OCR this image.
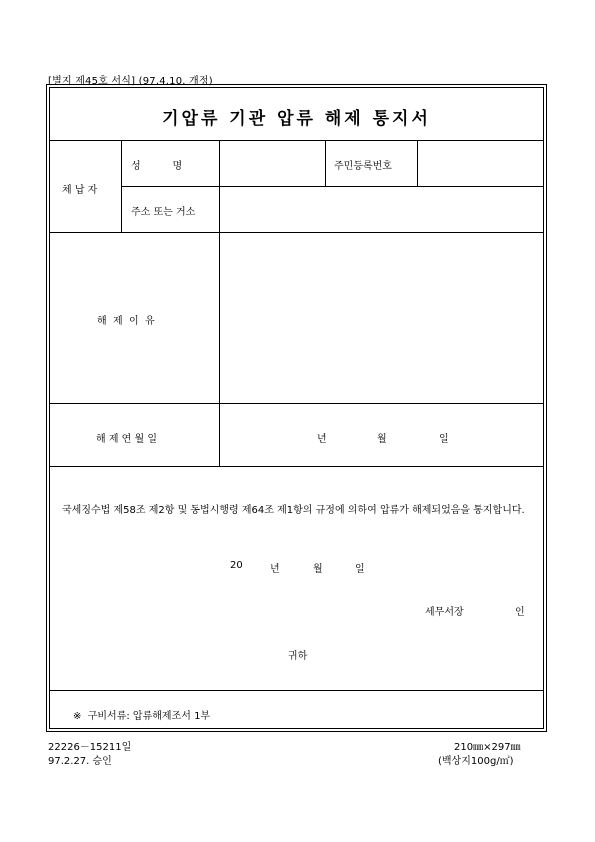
[별지 제45호 서식] (97.4.10. 개정)
기압류 기관 압류 해제 통지서
체 납 자
성          명	주민등록번호
주소 또는 거소
해  제  이  유
해 제 연 월 일	년	월	일
국세징수법 제58조 제2항 및 동법시행령 제64조 제1항의 규정에 의하여 압류가 해제되었음을 통지합니다.
20	년	월	일
세무서장	인
귀하
※  구비서류: 압류해제조서 1부
22226－15211일
97.2.27. 승인
210㎜×297㎜
(백상지100g/㎡)
